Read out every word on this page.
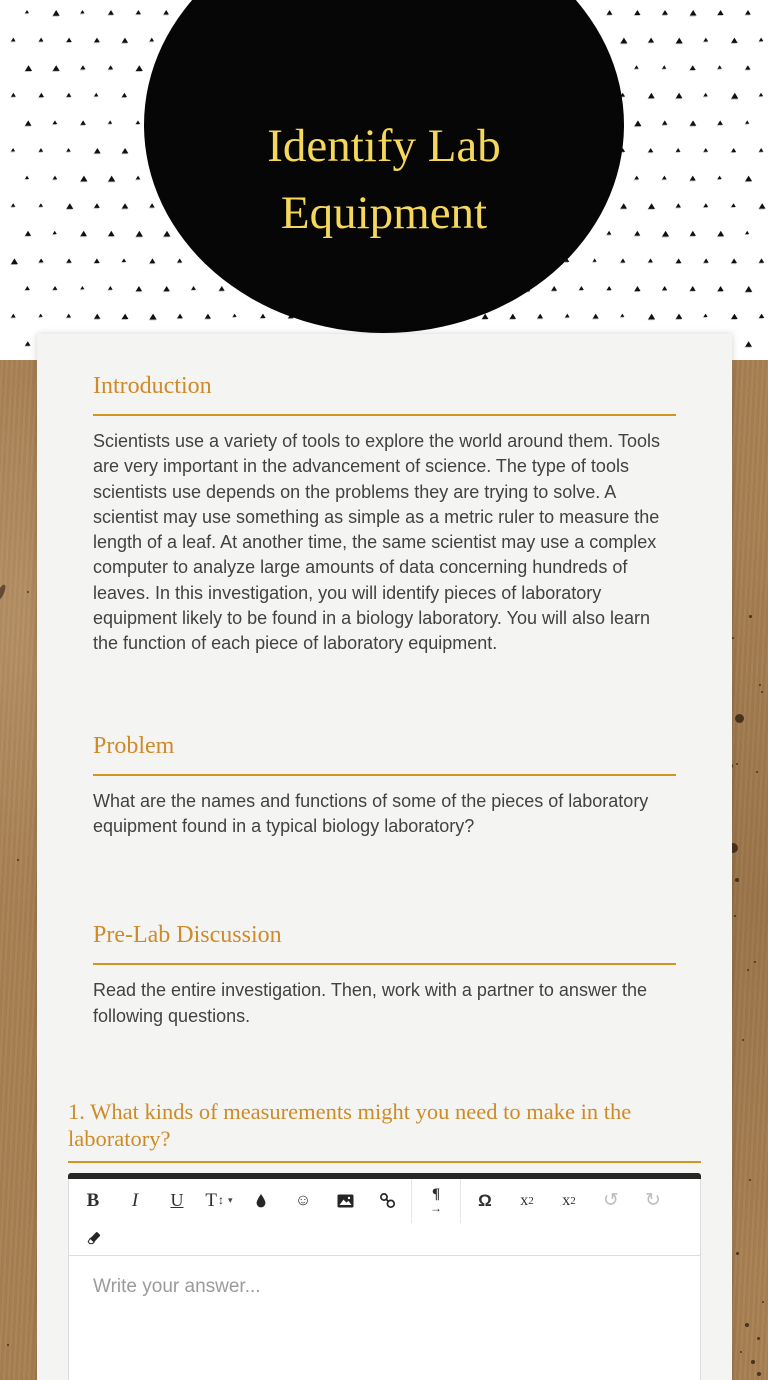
Identify Lab Equipment
Introduction

Scientists use a variety of tools to explore the world around them. Tools are very important in the advancement of science. The type of tools scientists use depends on the problems they are trying to solve. A scientist may use something as simple as a metric ruler to measure the length of a leaf. At another time, the same scientist may use a complex computer to analyze large amounts of data concerning hundreds of leaves. In this investigation, you will identify pieces of laboratory equipment likely to be found in a biology laboratory. You will also learn the function of each piece of laboratory equipment.

Problem

What are the names and functions of some of the pieces of laboratory equipment found in a typical biology laboratory?

Pre-Lab Discussion

Read the entire investigation. Then, work with a partner to answer the following questions.

1. What kinds of measurements might you need to make in the laboratory?
B	I	U	T ↕ ▾	☺	¶
→	Ω	x 2 x 2	↺	↻
Write your answer...
